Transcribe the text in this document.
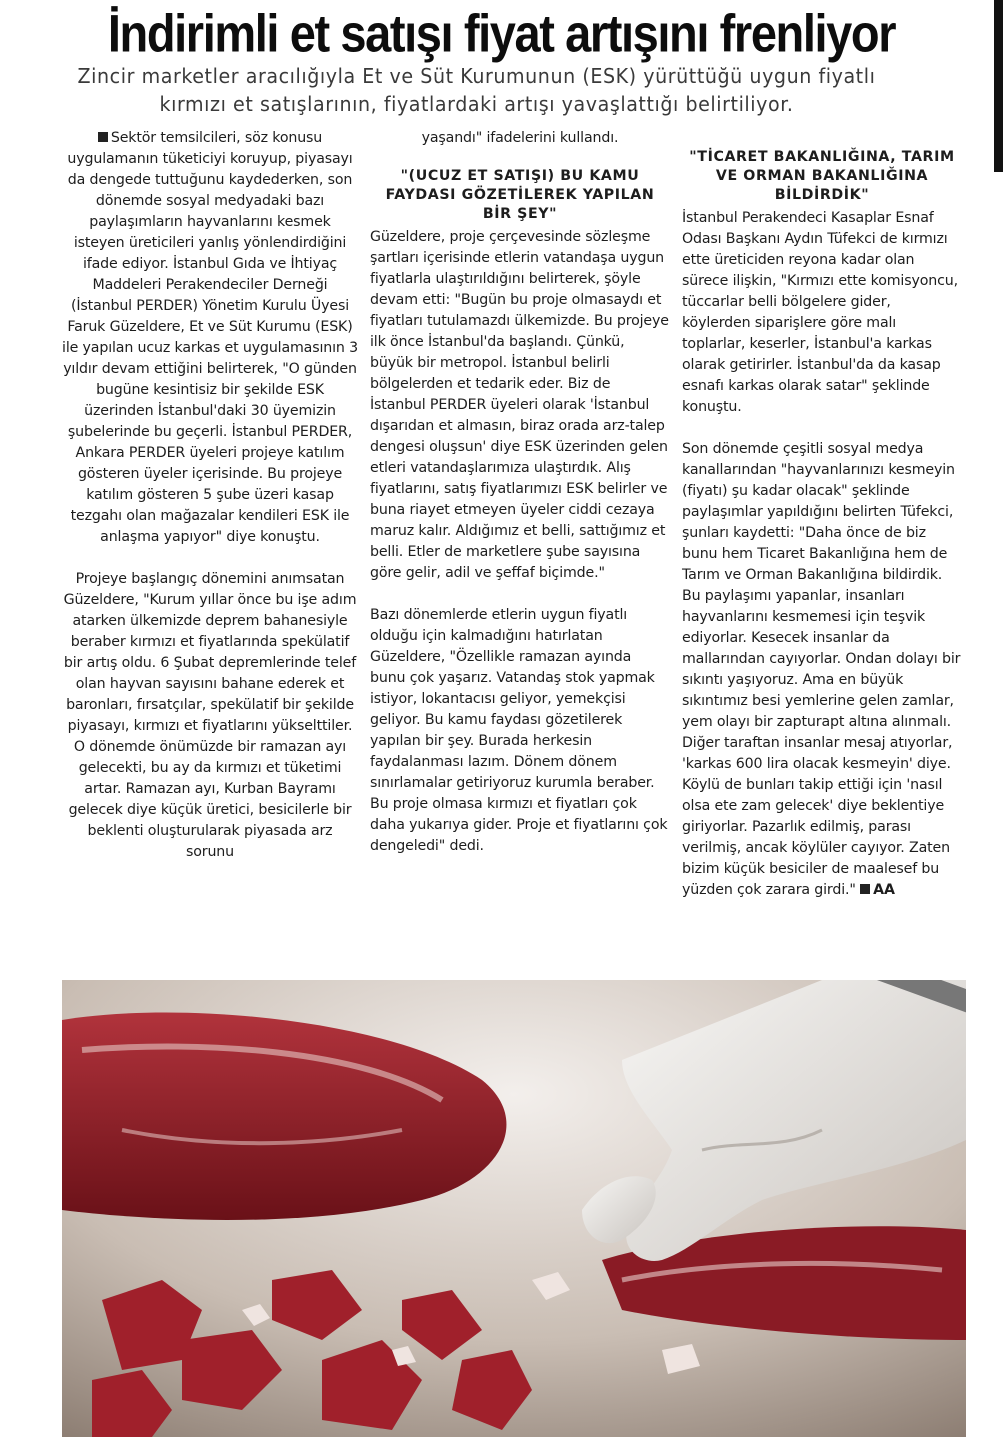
İndirimli et satışı fiyat artışını frenliyor
Zincir marketler aracılığıyla Et ve Süt Kurumunun (ESK) yürüttüğü uygun fiyatlı kırmızı et satışlarının, fiyatlardaki artışı yavaşlattığı belirtiliyor.

Sektör temsilcileri, söz konusu uygulamanın tüketiciyi koruyup, piyasayı da dengede tuttuğunu kaydederken, son dönemde sosyal medyadaki bazı paylaşımların hayvanlarını kesmek isteyen üreticileri yanlış yönlendirdiğini ifade ediyor. İstanbul Gıda ve İhtiyaç Maddeleri Perakendeciler Derneği (İstanbul PERDER) Yönetim Kurulu Üyesi Faruk Güzeldere, Et ve Süt Kurumu (ESK) ile yapılan ucuz karkas et uygulamasının 3 yıldır devam ettiğini belirterek, "O günden bugüne kesintisiz bir şekilde ESK üzerinden İstanbul'daki 30 üyemizin şubelerinde bu geçerli. İstanbul PERDER, Ankara PERDER üyeleri projeye katılım gösteren üyeler içerisinde. Bu projeye katılım gösteren 5 şube üzeri kasap tezgahı olan mağazalar kendileri ESK ile anlaşma yapıyor" diye konuştu.

Projeye başlangıç dönemini anımsatan Güzeldere, "Kurum yıllar önce bu işe adım atarken ülkemizde deprem bahanesiyle beraber kırmızı et fiyatlarında spekülatif bir artış oldu. 6 Şubat depremlerinde telef olan hayvan sayısını bahane ederek et baronları, fırsatçılar, spekülatif bir şekilde piyasayı, kırmızı et fiyatlarını yükselttiler. O dönemde önümüzde bir ramazan ayı gelecekti, bu ay da kırmızı et tüketimi artar. Ramazan ayı, Kurban Bayramı gelecek diye küçük üretici, besicilerle bir beklenti oluşturularak piyasada arz sorunu

yaşandı" ifadelerini kullandı.

"(UCUZ ET SATIŞI) BU KAMU FAYDASI GÖZETİLEREK YAPILAN BİR ŞEY"

Güzeldere, proje çerçevesinde sözleşme şartları içerisinde etlerin vatandaşa uygun fiyatlarla ulaştırıldığını belirterek, şöyle devam etti: "Bugün bu proje olmasaydı et fiyatları tutulamazdı ülkemizde. Bu projeye ilk önce İstanbul'da başlandı. Çünkü, büyük bir metropol. İstanbul belirli bölgelerden et tedarik eder. Biz de İstanbul PERDER üyeleri olarak 'İstanbul dışarıdan et almasın, biraz orada arz-talep dengesi oluşsun' diye ESK üzerinden gelen etleri vatandaşlarımıza ulaştırdık. Alış fiyatlarını, satış fiyatlarımızı ESK belirler ve buna riayet etmeyen üyeler ciddi cezaya maruz kalır. Aldığımız et belli, sattığımız et belli. Etler de marketlere şube sayısına göre gelir, adil ve şeffaf biçimde."

Bazı dönemlerde etlerin uygun fiyatlı olduğu için kalmadığını hatırlatan Güzeldere, "Özellikle ramazan ayında bunu çok yaşarız. Vatandaş stok yapmak istiyor, lokantacısı geliyor, yemekçisi geliyor. Bu kamu faydası gözetilerek yapılan bir şey. Burada herkesin faydalanması lazım. Dönem dönem sınırlamalar getiriyoruz kurumla beraber. Bu proje olmasa kırmızı et fiyatları çok daha yukarıya gider. Proje et fiyatlarını çok dengeledi" dedi.

"TİCARET BAKANLIĞINA, TARIM VE ORMAN BAKANLIĞINA BİLDİRDİK"

İstanbul Perakendeci Kasaplar Esnaf Odası Başkanı Aydın Tüfekci de kırmızı ette üreticiden reyona kadar olan sürece ilişkin, "Kırmızı ette komisyoncu, tüccarlar belli bölgelere gider, köylerden siparişlere göre malı toplarlar, keserler, İstanbul'a karkas olarak getirirler. İstanbul'da da kasap esnafı karkas olarak satar" şeklinde konuştu.

Son dönemde çeşitli sosyal medya kanallarından "hayvanlarınızı kesmeyin (fiyatı) şu kadar olacak" şeklinde paylaşımlar yapıldığını belirten Tüfekci, şunları kaydetti: "Daha önce de biz bunu hem Ticaret Bakanlığına hem de Tarım ve Orman Bakanlığına bildirdik. Bu paylaşımı yapanlar, insanları hayvanlarını kesmemesi için teşvik ediyorlar. Kesecek insanlar da mallarından cayıyorlar. Ondan dolayı bir sıkıntı yaşıyoruz. Ama en büyük sıkıntımız besi yemlerine gelen zamlar, yem olayı bir zapturapt altına alınmalı. Diğer taraftan insanlar mesaj atıyorlar, 'karkas 600 lira olacak kesmeyin' diye. Köylü de bunları takip ettiği için 'nasıl olsa ete zam gelecek' diye beklentiye giriyorlar. Pazarlık edilmiş, parası verilmiş, ancak köylüler cayıyor. Zaten bizim küçük besiciler de maalesef bu yüzden çok zarara girdi." AA
